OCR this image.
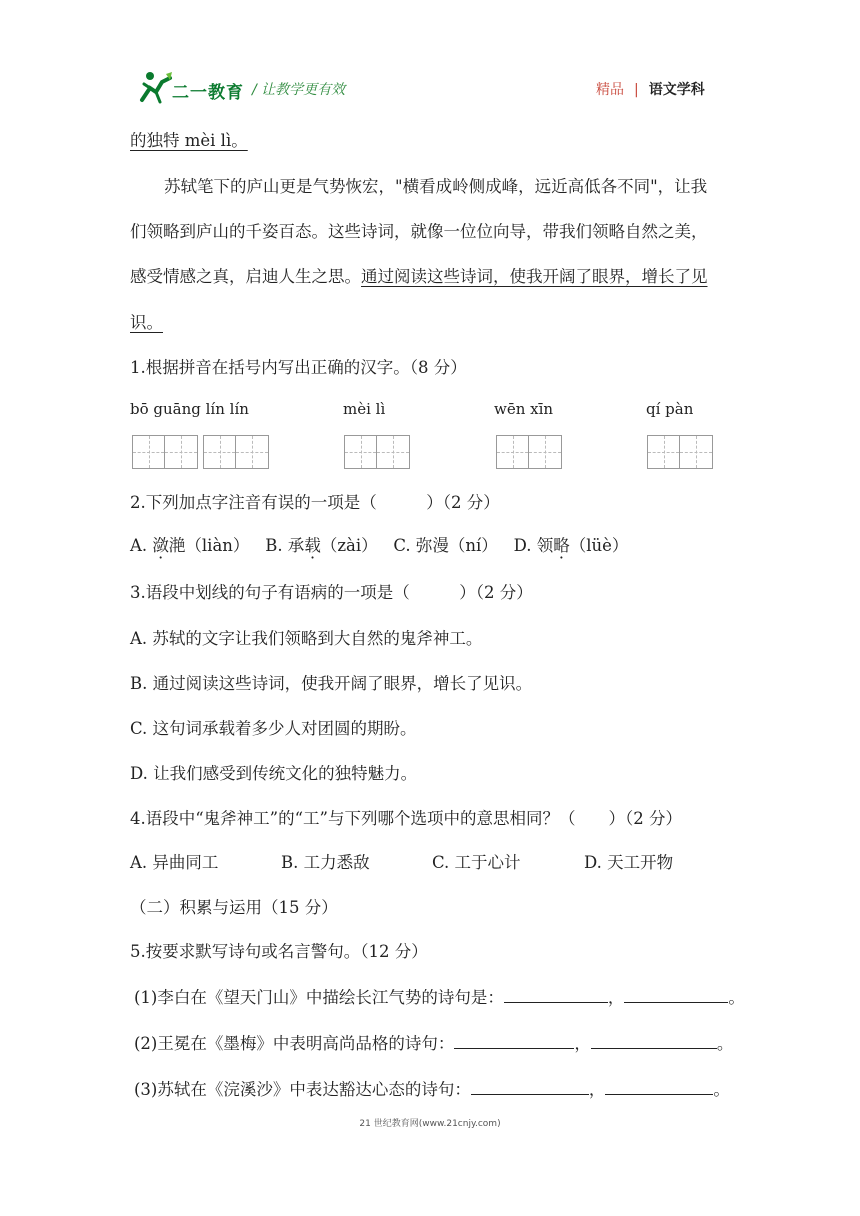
二一教育 / 让教学更有效	精品 | 语文学科
的独特 mèi lì。
苏轼笔下的庐山更是气势恢宏，"横看成岭侧成峰，远近高低各不同"，让我
们领略到庐山的千姿百态。这些诗词，就像一位位向导，带我们领略自然之美，
感受情感之真，启迪人生之思。通过阅读这些诗词，使我开阔了眼界，增长了见
识。
1.根据拼音在括号内写出正确的汉字。（8 分）
bō guāng lín lín	mèi lì	wēn xīn	qí pàn
2.下列加点字注音有误的一项是（　　　）（2 分）
A. 潋滟（liàn） B. 承载（zài） C. 弥漫（ní） D. 领略（lüè）
3.语段中划线的句子有语病的一项是（　　　）（2 分）
A. 苏轼的文字让我们领略到大自然的鬼斧神工。
B. 通过阅读这些诗词，使我开阔了眼界，增长了见识。
C. 这句词承载着多少人对团圆的期盼。
D. 让我们感受到传统文化的独特魅力。
4.语段中“鬼斧神工”的“工”与下列哪个选项中的意思相同？（　　）（2 分）
A. 异曲同工	B. 工力悉敌	C. 工于心计	D. 天工开物
（二）积累与运用（15 分）
5.按要求默写诗句或名言警句。（12 分）
(1)李白在《望天门山》中描绘长江气势的诗句是：	，	。
(2)王冕在《墨梅》中表明高尚品格的诗句：	，	。
(3)苏轼在《浣溪沙》中表达豁达心态的诗句：	，	。
21 世纪教育网(www.21cnjy.com)
